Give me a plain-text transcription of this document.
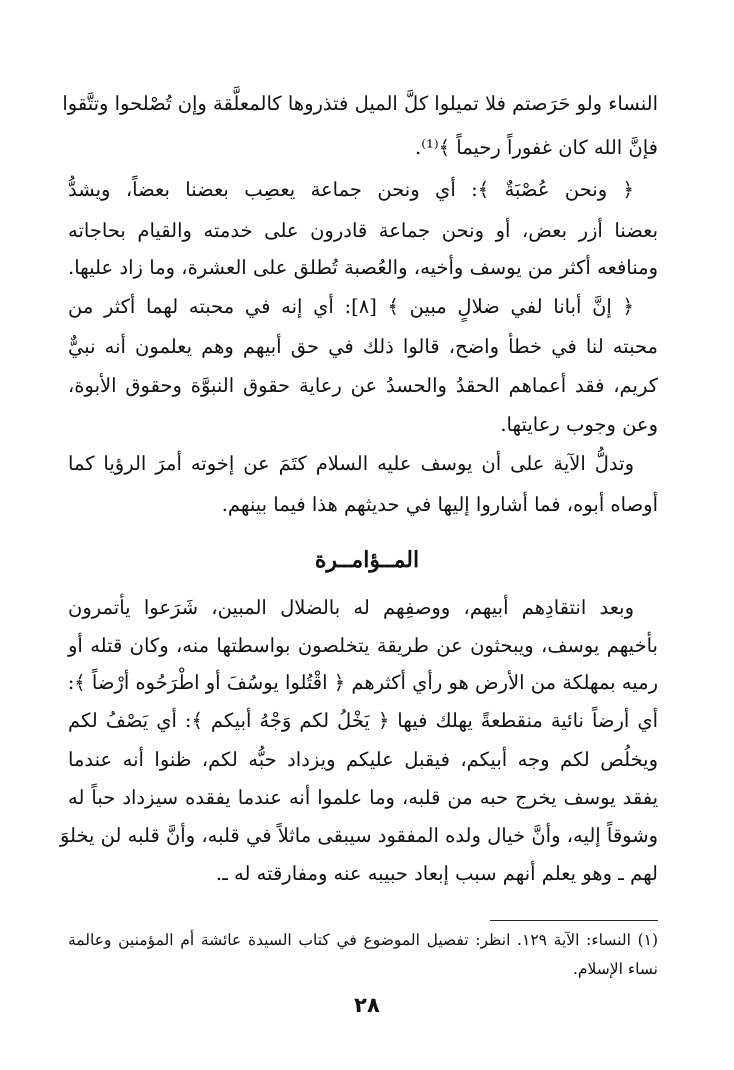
النساء ولو حَرَصتم فلا تميلوا كلَّ الميل فتذروها كالمعلَّقة وإن تُصْلحوا وتتَّقوا
فإنَّ الله كان غفوراً رحيماً ﴾⁽¹⁾.
﴿ ونحن عُصْبَةٌ ﴾: أي ونحن جماعة يعصِب بعضنا بعضاً، ويشدُّ
بعضنا أزر بعض، أو ونحن جماعة قادرون على خدمته والقيام بحاجاته
ومنافعه أكثر من يوسف وأخيه، والعُصبة تُطلق على العشرة، وما زاد عليها.
﴿ إنَّ أبانا لفي ضلالٍ مبين ﴾ [٨]: أي إنه في محبته لهما أكثر من
محبته لنا في خطأ واضح، قالوا ذلك في حق أبيهم وهم يعلمون أنه نبيٌّ
كريم، فقد أعماهم الحقدُ والحسدُ عن رعاية حقوق النبوَّة وحقوق الأبوة،
وعن وجوب رعايتها.
وتدلُّ الآية على أن يوسف عليه السلام كتَمَ عن إخوته أمرَ الرؤيا كما
أوصاه أبوه، فما أشاروا إليها في حديثهم هذا فيما بينهم.
المــؤامــرة
وبعد انتقادِهم أبيهم، ووصفِهم له بالضلال المبين، شَرَعوا يأتمرون
بأخيهم يوسف، ويبحثون عن طريقة يتخلصون بواسطتها منه، وكان قتله أو
رميه بمهلكة من الأرض هو رأي أكثرهم ﴿ اقْتُلوا يوسُفَ أو اطْرَحُوه أرْضاً ﴾:
أي أرضاً نائية منقطعةً يهلك فيها ﴿ يَخْلُ لكم وَجْهُ أبيكم ﴾: أي يَصْفُ لكم
ويخلُص لكم وجه أبيكم، فيقبل عليكم ويزداد حبُّه لكم، ظنوا أنه عندما
يفقد يوسف يخرج حبه من قلبه، وما علموا أنه عندما يفقده سيزداد حباً له
وشوقاً إليه، وأنَّ خيال ولده المفقود سيبقى ماثلاً في قلبه، وأنَّ قلبه لن يخلوَ
لهم ـ وهو يعلم أنهم سبب إبعاد حبيبه عنه ومفارقته له ـ.
(١) النساء: الآية ١٢٩. انظر: تفصيل الموضوع في كتاب السيدة عائشة أم المؤمنين وعالمة
نساء الإسلام.
٢٨
